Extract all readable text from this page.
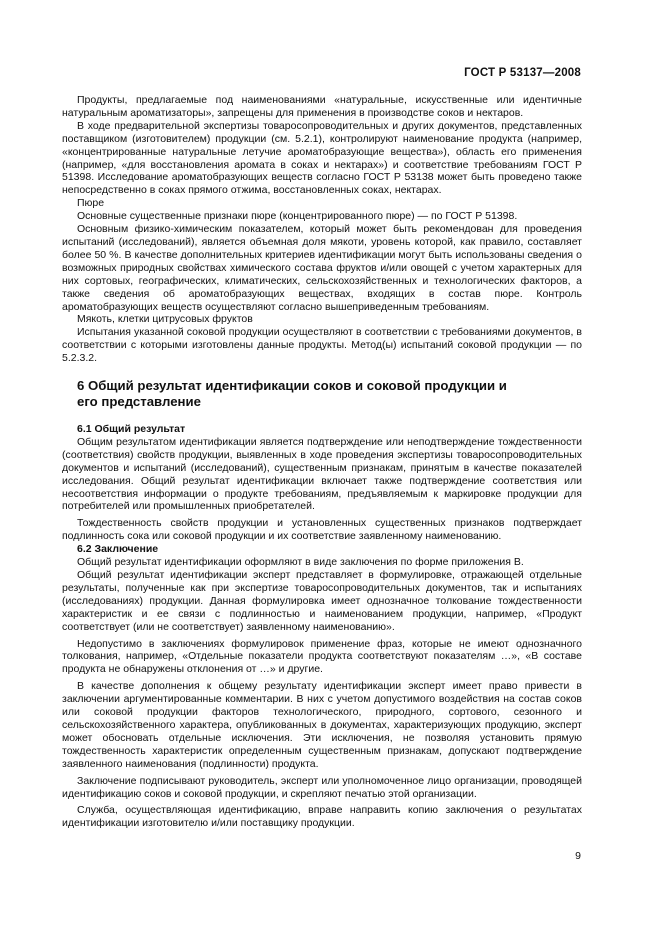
ГОСТ Р 53137—2008

Продукты, предлагаемые под наименованиями «натуральные, искусственные или идентичные натуральным ароматизаторы», запрещены для применения в производстве соков и нектаров.

В ходе предварительной экспертизы товаросопроводительных и других документов, представленных поставщиком (изготовителем) продукции (см. 5.2.1), контролируют наименование продукта (например, «концентрированные натуральные летучие ароматобразующие вещества»), область его применения (например, «для восстановления аромата в соках и нектарах») и соответствие требованиям ГОСТ Р 51398. Исследование ароматобразующих веществ согласно ГОСТ Р 53138 может быть проведено также непосредственно в соках прямого отжима, восстановленных соках, нектарах.

Пюре

Основные существенные признаки пюре (концентрированного пюре) — по ГОСТ Р 51398.

Основным физико-химическим показателем, который может быть рекомендован для проведения испытаний (исследований), является объемная доля мякоти, уровень которой, как правило, составляет более 50 %. В качестве дополнительных критериев идентификации могут быть использованы сведения о возможных природных свойствах химического состава фруктов и/или овощей с учетом характерных для них сортовых, географических, климатических, сельскохозяйственных и технологических факторов, а также сведения об ароматобразующих веществах, входящих в состав пюре. Контроль ароматобразующих веществ осуществляют согласно вышеприведенным требованиям.

Мякоть, клетки цитрусовых фруктов

Испытания указанной соковой продукции осуществляют в соответствии с требованиями документов, в соответствии с которыми изготовлены данные продукты. Метод(ы) испытаний соковой продукции — по 5.2.3.2.

6 Общий результат идентификации соков и соковой продукции и его представление
6.1 Общий результат

Общим результатом идентификации является подтверждение или неподтверждение тождественности (соответствия) свойств продукции, выявленных в ходе проведения экспертизы товаросопроводительных документов и испытаний (исследований), существенным признакам, принятым в качестве показателей исследования. Общий результат идентификации включает также подтверждение соответствия или несоответствия информации о продукте требованиям, предъявляемым к маркировке продукции для потребителей или промышленных приобретателей.

Тождественность свойств продукции и установленных существенных признаков подтверждает подлинность сока или соковой продукции и их соответствие заявленному наименованию.

6.2 Заключение

Общий результат идентификации оформляют в виде заключения по форме приложения В.

Общий результат идентификации эксперт представляет в формулировке, отражающей отдельные результаты, полученные как при экспертизе товаросопроводительных документов, так и испытаниях (исследованиях) продукции. Данная формулировка имеет однозначное толкование тождественности характеристик и ее связи с подлинностью и наименованием продукции, например, «Продукт соответствует (или не соответствует) заявленному наименованию».

Недопустимо в заключениях формулировок применение фраз, которые не имеют однозначного толкования, например, «Отдельные показатели продукта соответствуют показателям …», «В составе продукта не обнаружены отклонения от …» и другие.

В качестве дополнения к общему результату идентификации эксперт имеет право привести в заключении аргументированные комментарии. В них с учетом допустимого воздействия на состав соков или соковой продукции факторов технологического, природного, сортового, сезонного и сельскохозяйственного характера, опубликованных в документах, характеризующих продукцию, эксперт может обосновать отдельные исключения. Эти исключения, не позволяя установить прямую тождественность характеристик определенным существенным признакам, допускают подтверждение заявленного наименования (подлинности) продукта.

Заключение подписывают руководитель, эксперт или уполномоченное лицо организации, проводящей идентификацию соков и соковой продукции, и скрепляют печатью этой организации.

Служба, осуществляющая идентификацию, вправе направить копию заключения о результатах идентификации изготовителю и/или поставщику продукции.

9
